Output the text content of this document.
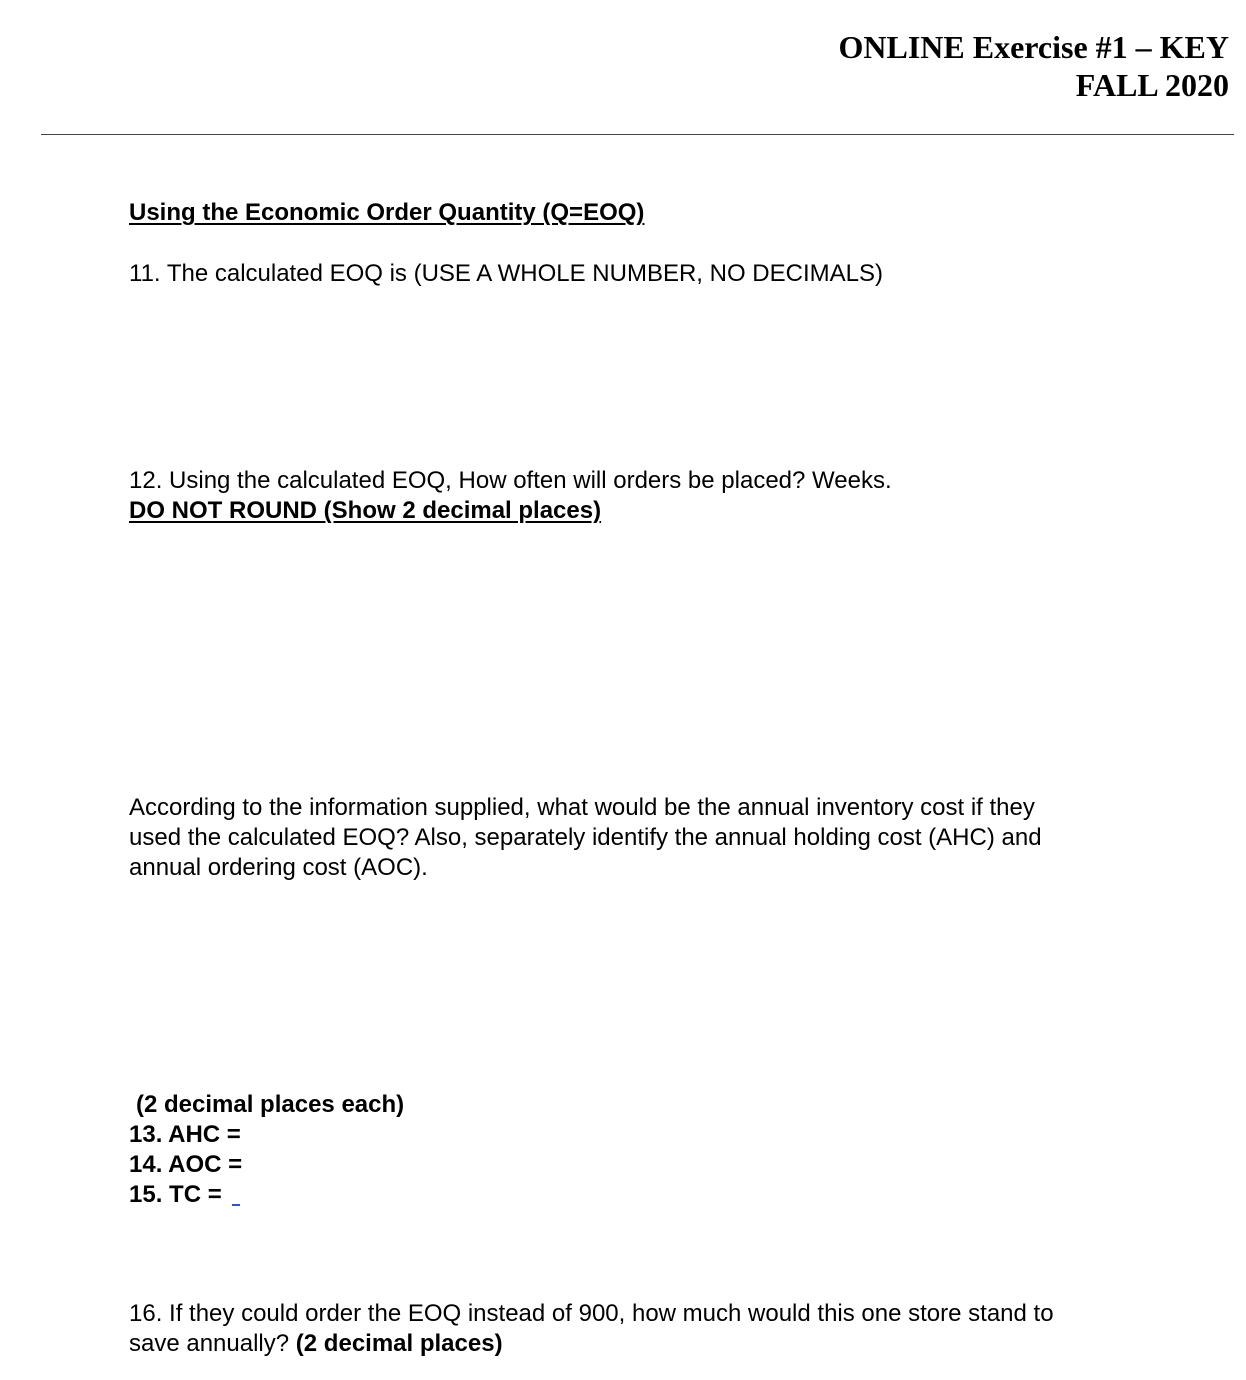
ONLINE Exercise #1 – KEY
FALL 2020
Using the Economic Order Quantity (Q=EOQ)
11. The calculated EOQ is (USE A WHOLE NUMBER, NO DECIMALS)
12. Using the calculated EOQ, How often will orders be placed? Weeks.
DO NOT ROUND (Show 2 decimal places)
According to the information supplied, what would be the annual inventory cost if they
used the calculated EOQ? Also, separately identify the annual holding cost (AHC) and
annual ordering cost (AOC).
(2 decimal places each)
13. AHC =
14. AOC =
15. TC =
16. If they could order the EOQ instead of 900, how much would this one store stand to
save annually? (2 decimal places)
